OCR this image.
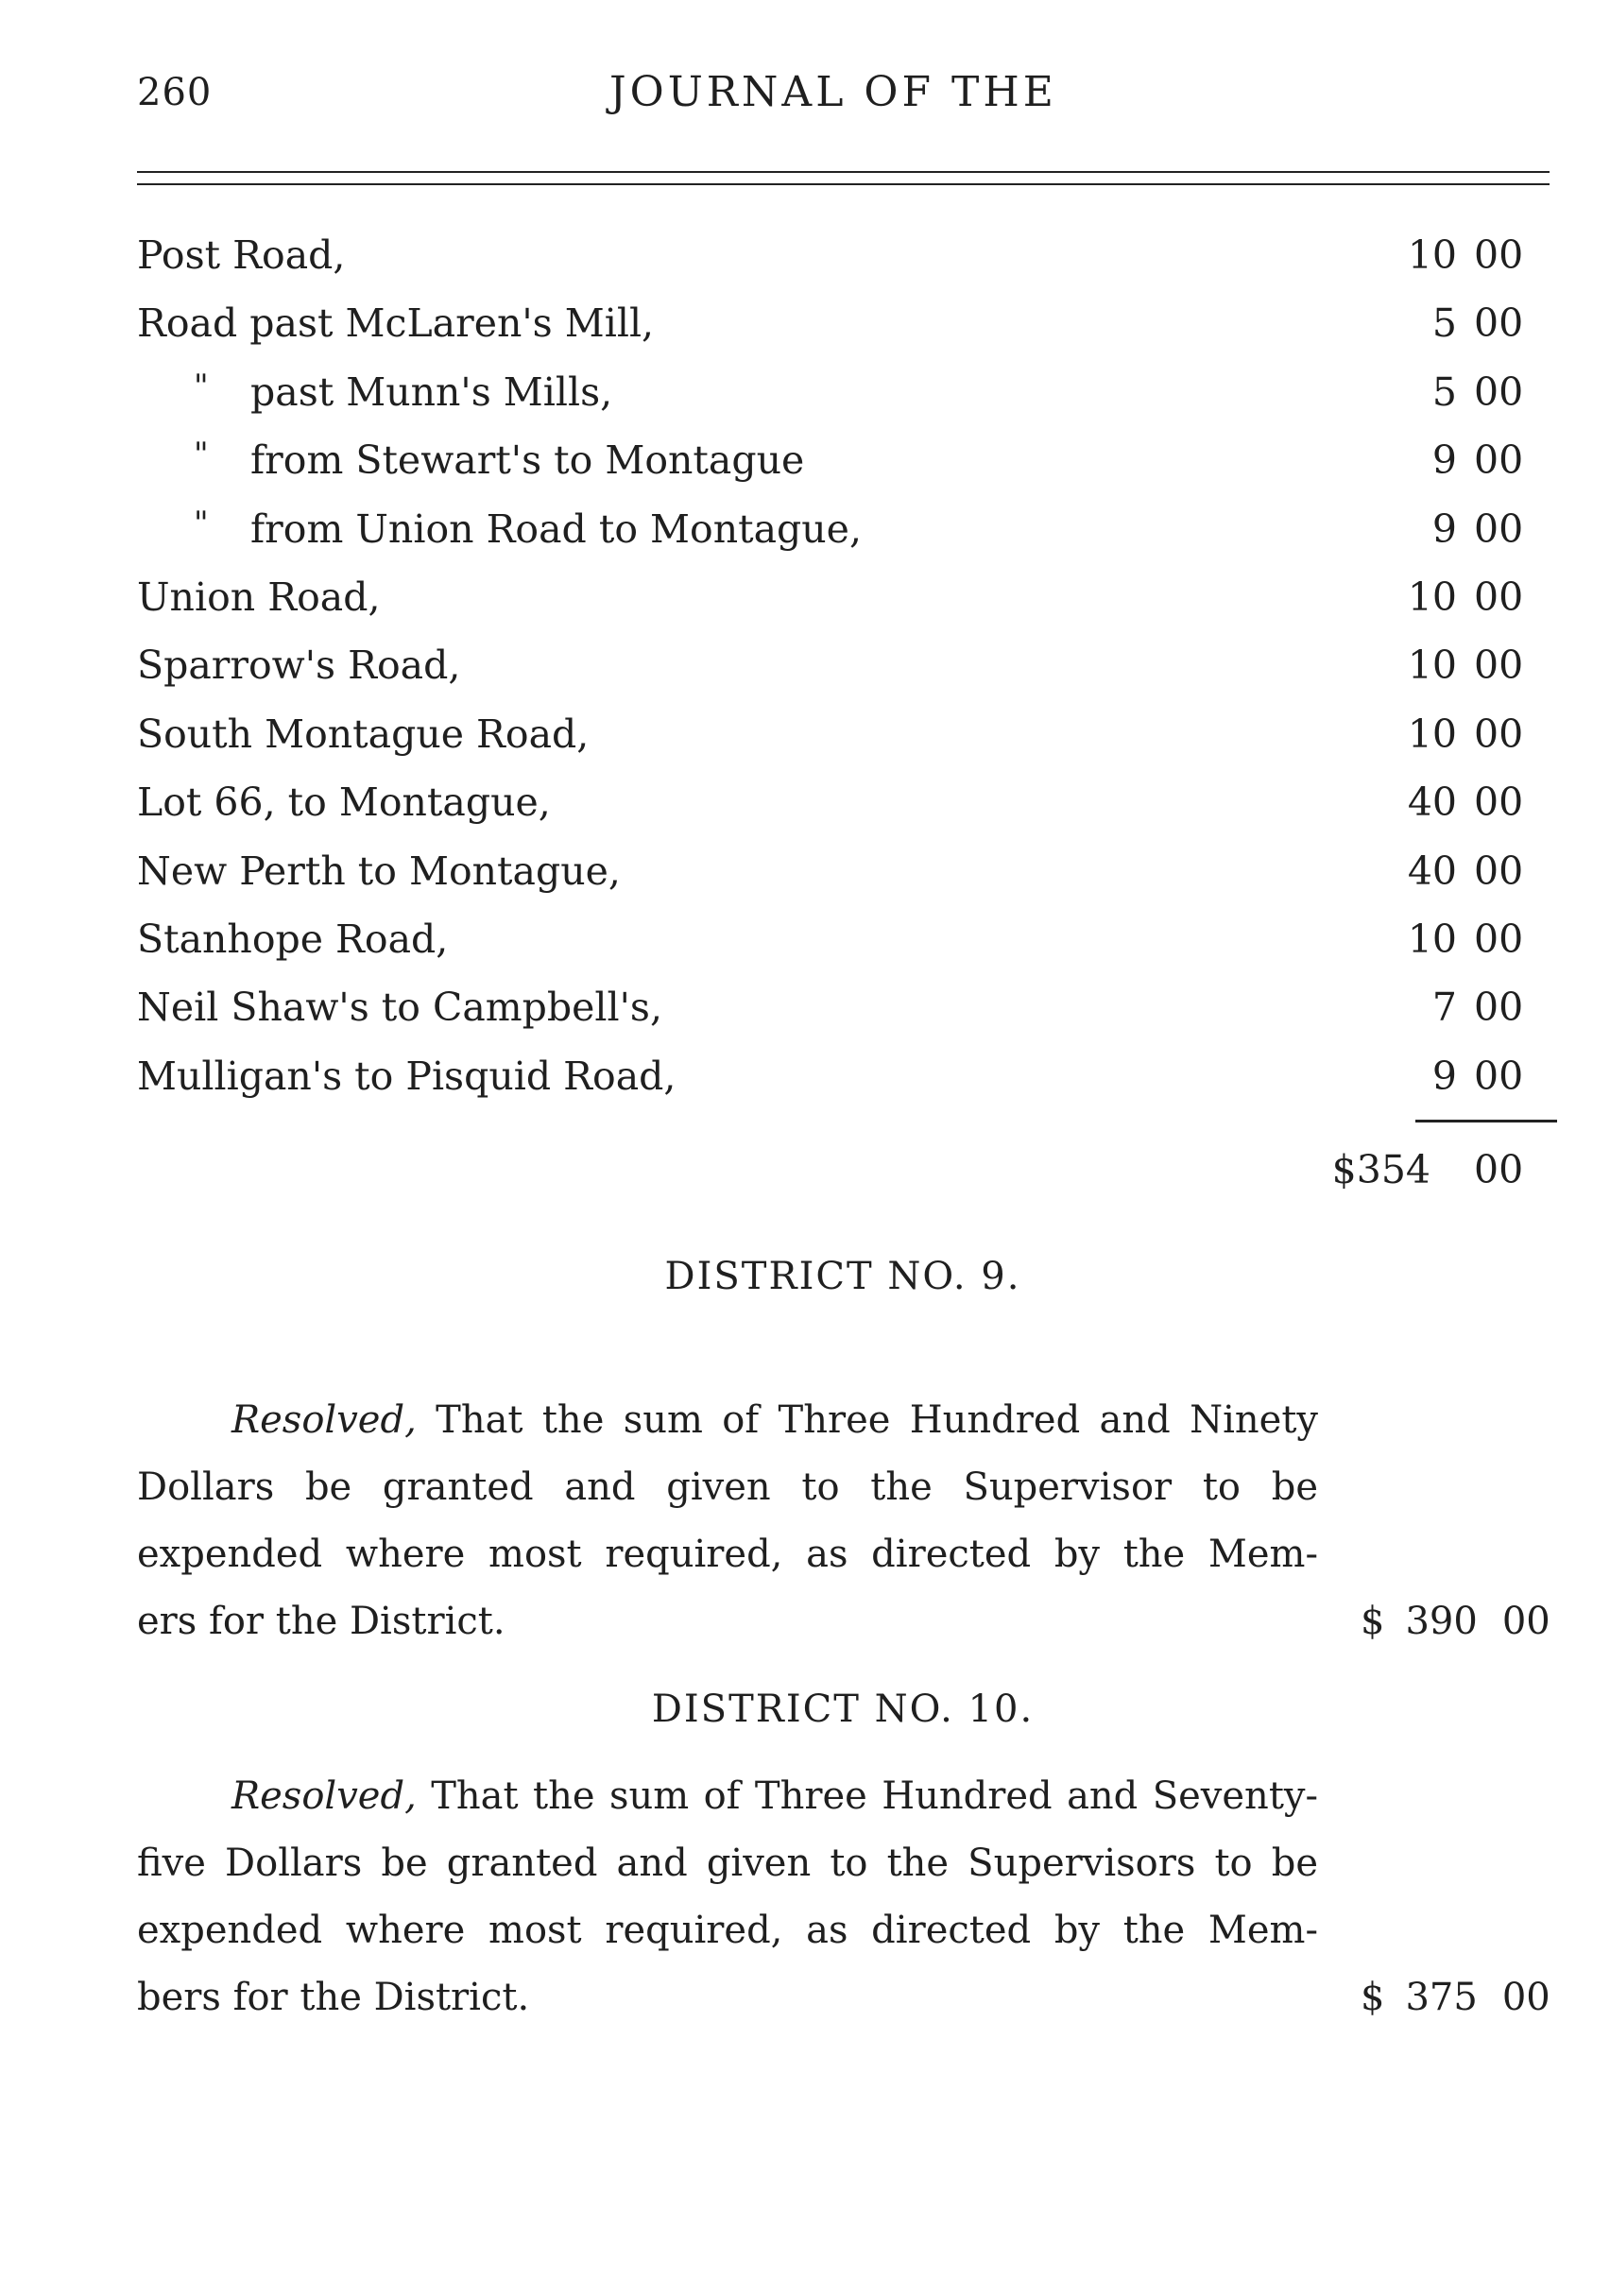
260	JOURNAL OF THE
Post Road,	10 00
Road past McLaren's Mill,	5 00
" past Munn's Mills,	5 00
" from Stewart's to Montague	9 00
" from Union Road to Montague,	9 00
Union Road,	10 00
Sparrow's Road,	10 00
South Montague Road,	10 00
Lot 66, to Montague,	40 00
New Perth to Montague,	40 00
Stanhope Road,	10 00
Neil Shaw's to Campbell's,	7 00
Mulligan's to Pisquid Road,	9 00
$354 00
DISTRICT NO. 9.
Resolved, That the sum of Three Hundred and Ninety
Dollars be granted and given to the Supervisor to be
expended where most required, as directed by the Mem-
ers for the District.	$ 390 00
DISTRICT NO. 10.
Resolved, That the sum of Three Hundred and Seventy-
five Dollars be granted and given to the Supervisors to be
expended where most required, as directed by the Mem-
bers for the District.	$ 375 00
